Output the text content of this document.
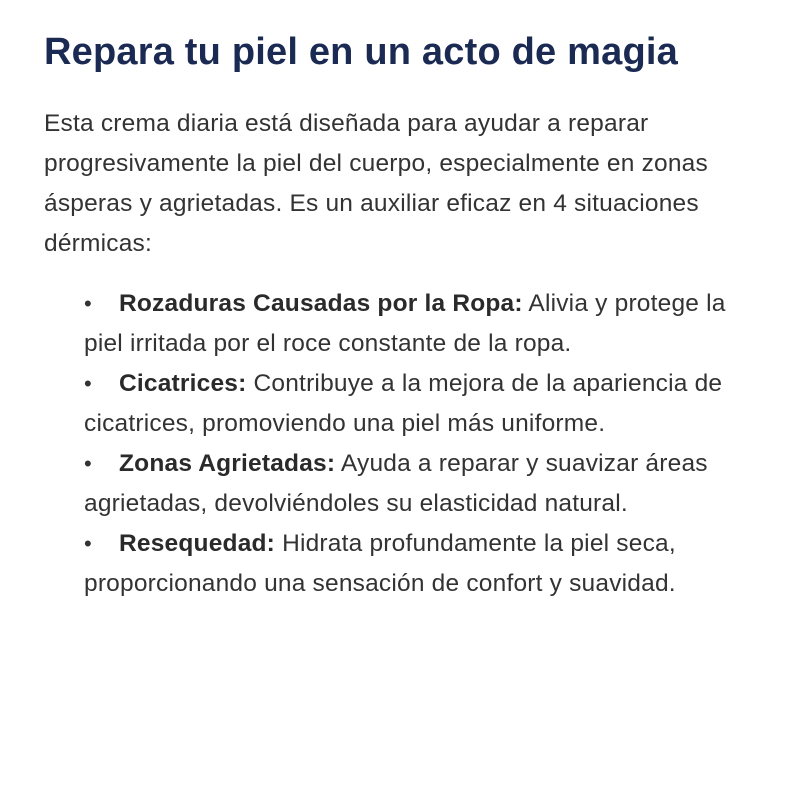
Repara tu piel en un acto de magia

Esta crema diaria está diseñada para ayudar a reparar progresivamente la piel del cuerpo, especialmente en zonas ásperas y agrietadas. Es un auxiliar eficaz en 4 situaciones dérmicas:

• Rozaduras Causadas por la Ropa: Alivia y protege la piel irritada por el roce constante de la ropa.
• Cicatrices: Contribuye a la mejora de la apariencia de cicatrices, promoviendo una piel más uniforme.
• Zonas Agrietadas: Ayuda a reparar y suavizar áreas agrietadas, devolviéndoles su elasticidad natural.
• Resequedad: Hidrata profundamente la piel seca, proporcionando una sensación de confort y suavidad.
